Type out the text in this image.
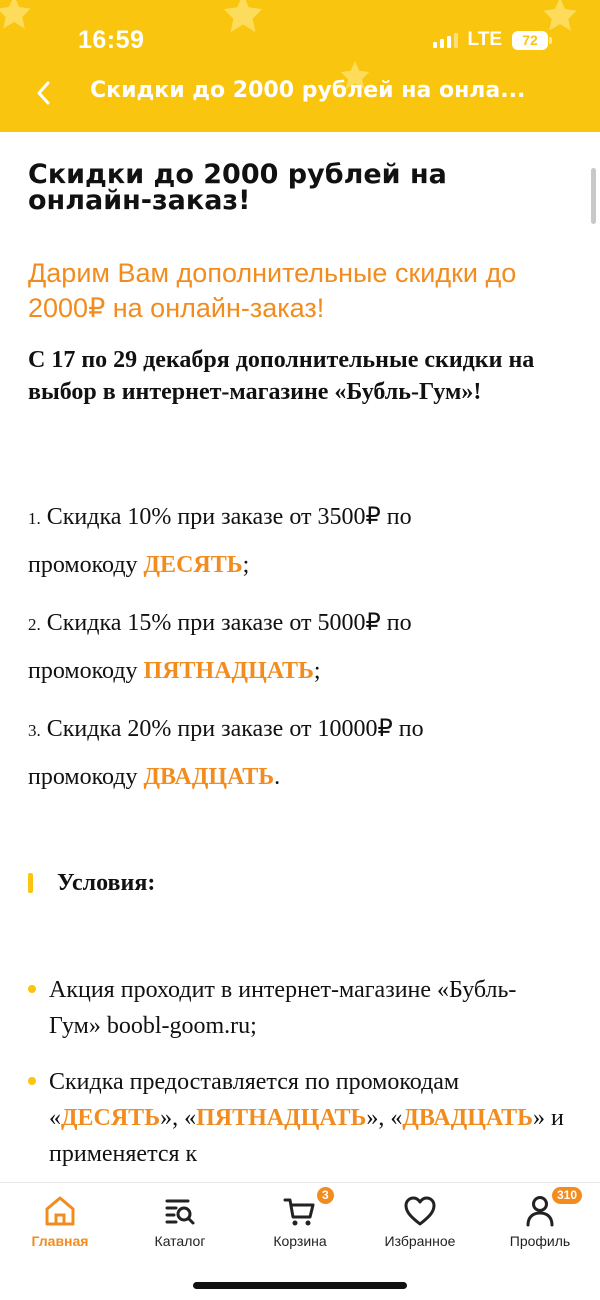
16:59	LTE	72
Скидки до 2000 рублей на онла...
Скидки до 2000 рублей на онлайн-заказ!

Дарим Вам дополнительные скидки до 2000₽ на онлайн-заказ!

С 17 по 29 декабря дополнительные скидки на выбор в интернет-магазине «Бубль-Гум»!

1. Скидка 10% при заказе от 3500₽ по
промокоду ДЕСЯТЬ;
2. Скидка 15% при заказе от 5000₽ по
промокоду ПЯТНАДЦАТЬ;
3. Скидка 20% при заказе от 10000₽ по
промокоду ДВАДЦАТЬ.
Условия:
Акция проходит в интернет-магазине «Бубль-Гум» boobl-goom.ru;
Скидка предоставляется по промокодам «ДЕСЯТЬ», «ПЯТНАДЦАТЬ», «ДВАДЦАТЬ» и применяется к
Главная	Каталог
3
Корзина	Избранное
310
Профиль
